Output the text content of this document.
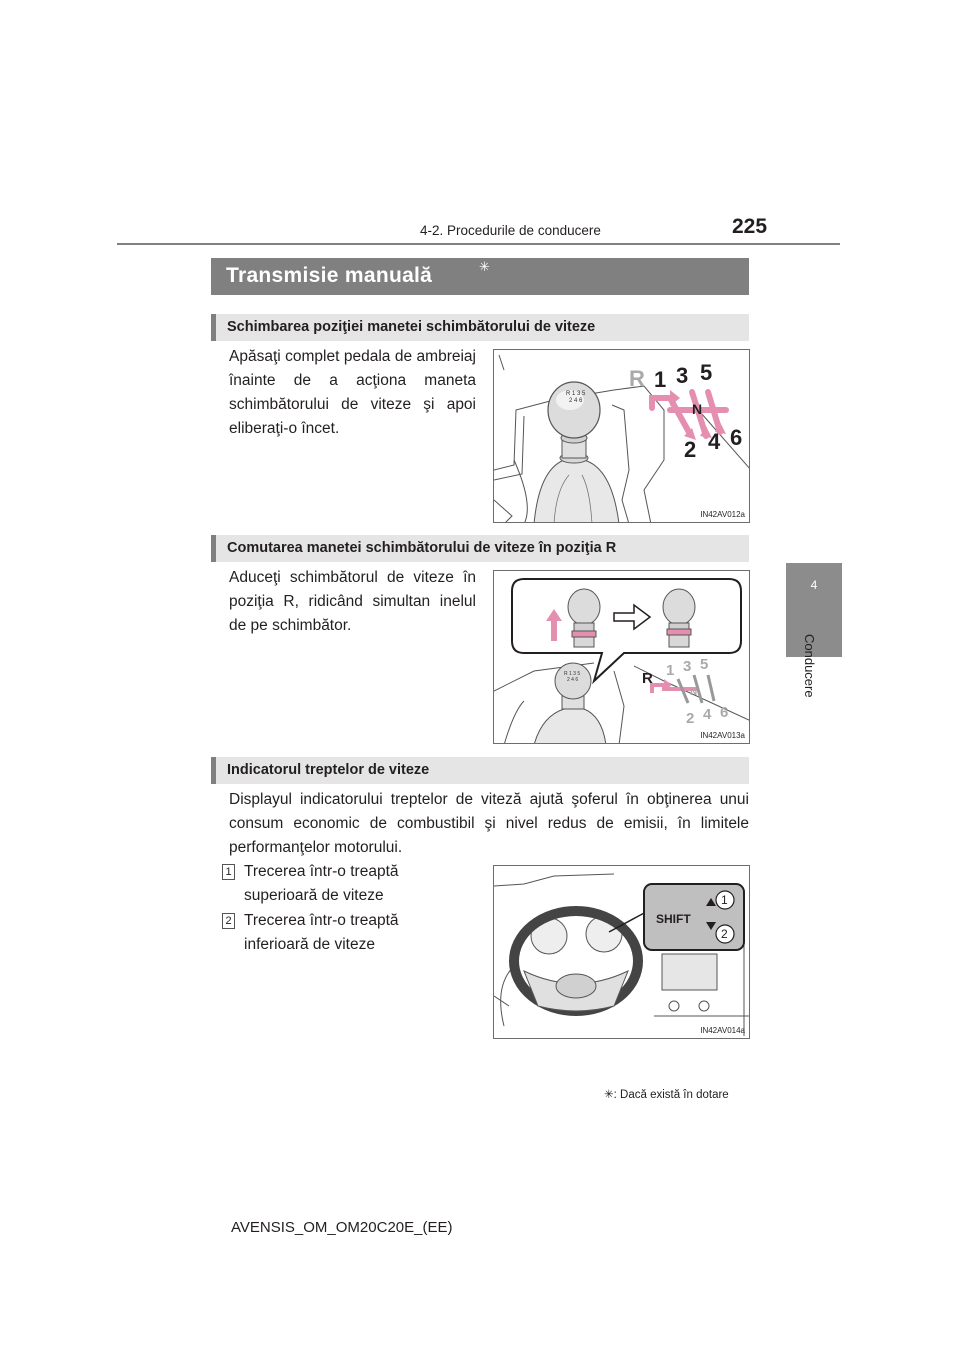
4-2. Procedurile de conducere	225
4
Conducere
Transmisie manuală	✳
Schimbarea poziţiei manetei schimbătorului de viteze
Apăsaţi complet pedala de ambreiaj înainte de a acţiona maneta schimbătorului de viteze şi apoi eliberaţi-o încet.
R 1 3 5
2 4 6
R 1 3 5
N
2 4 6
IN42AV012a
Comutarea manetei schimbătorului de viteze în poziţia R
Aduceţi schimbătorul de viteze în poziţia R, ridicând simultan inelul de pe schimbător.
R 1 3 5
2 4 6	R 1 3 5
N
2 4 6
IN42AV013a
Indicatorul treptelor de viteze
Displayul indicatorului treptelor de viteză ajută şoferul în obţinerea unui consum economic de combustibil şi nivel redus de emisii, în limitele performanţelor motorului.
1 Trecerea într-o treaptă superioară de viteze
2 Trecerea într-o treaptă inferioară de viteze
SHIFT
1
2
IN42AV014a
✳: Dacă există în dotare
AVENSIS_OM_OM20C20E_(EE)
